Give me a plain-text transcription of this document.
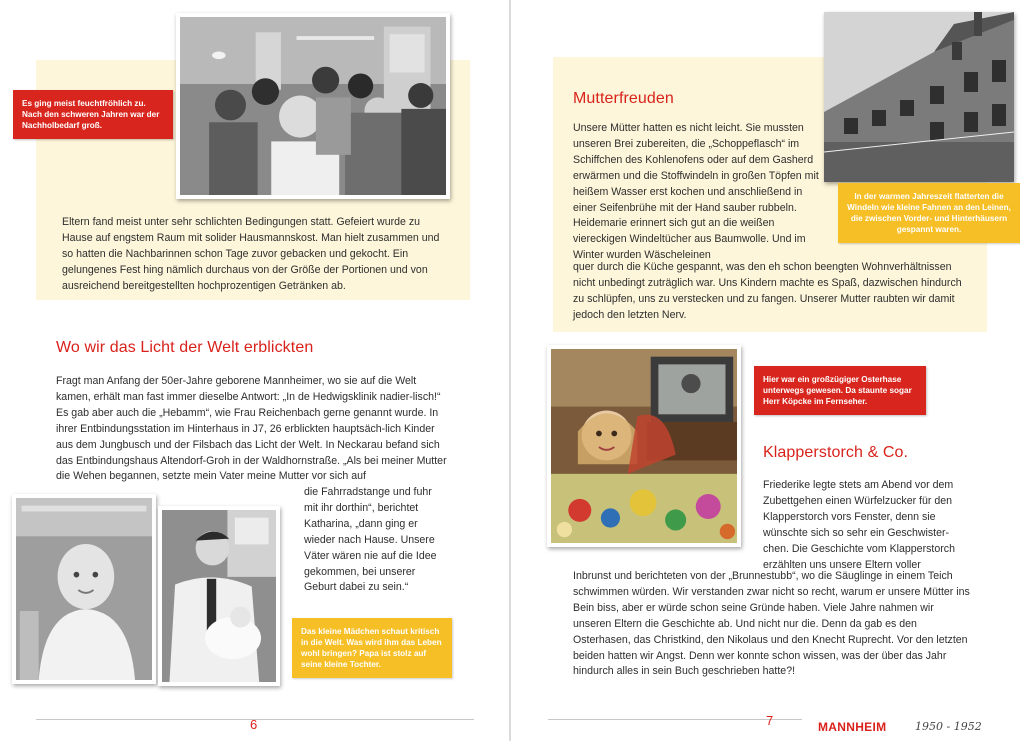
Es ging meist feuchtfröhlich zu. Nach den schweren Jahren war der Nachholbedarf groß.
Eltern fand meist unter sehr schlichten Bedingungen statt. Gefeiert wurde zu Hause auf engstem Raum mit solider Hausmannskost. Man hielt zusammen und so hatten die Nachbarinnen schon Tage zuvor gebacken und gekocht. Ein gelungenes Fest hing nämlich durchaus von der Größe der Portionen und von ausreichend bereitgestellten hochprozentigen Getränken ab.
Wo wir das Licht der Welt erblickten
Fragt man Anfang der 50er-Jahre geborene Mannheimer, wo sie auf die Welt kamen, erhält man fast immer dieselbe Antwort: „In de Hedwigsklinik nadier-lisch!“ Es gab aber auch die „Hebamm“, wie Frau Reichenbach gerne genannt wurde. In ihrer Entbindungsstation im Hinterhaus in J7, 26 erblickten hauptsäch-lich Kinder aus dem Jungbusch und der Filsbach das Licht der Welt. In Neckarau befand sich das Entbindungshaus Altendorf-Groh in der Waldhornstraße. „Als bei meiner Mutter die Wehen begannen, setzte mein Vater meine Mutter vor sich auf
die Fahrradstange und fuhr mit ihr dorthin“, berichtet Katharina, „dann ging er wieder nach Hause. Unsere Väter wären nie auf die Idee gekommen, bei unserer Geburt dabei zu sein.“
Das kleine Mädchen schaut kritisch in die Welt. Was wird ihm das Leben wohl bringen? Papa ist stolz auf seine kleine Tochter.
6
Mutterfreuden
In der warmen Jahreszeit flatterten die Windeln wie kleine Fahnen an den Leinen, die zwischen Vorder- und Hinterhäusern gespannt waren.
Unsere Mütter hatten es nicht leicht. Sie mussten unseren Brei zubereiten, die „Schoppeflasch“ im Schiffchen des Kohlenofens oder auf dem Gasherd erwärmen und die Stoffwindeln in großen Töpfen mit heißem Wasser erst kochen und anschließend in einer Seifenbrühe mit der Hand sauber rubbeln. Heidemarie erinnert sich gut an die weißen viereckigen Windeltücher aus Baumwolle. Und im Winter wurden Wäscheleinen
quer durch die Küche gespannt, was den eh schon beengten Wohnverhältnissen nicht unbedingt zuträglich war. Uns Kindern machte es Spaß, dazwischen hindurch zu schlüpfen, uns zu verstecken und zu fangen. Unserer Mutter raubten wir damit jedoch den letzten Nerv.
Hier war ein großzügiger Osterhase unterwegs gewesen. Da staunte sogar Herr Köpcke im Fernseher.
Klapperstorch & Co.
Friederike legte stets am Abend vor dem Zubettgehen einen Würfelzucker für den Klapperstorch vors Fenster, denn sie wünschte sich so sehr ein Geschwister-chen. Die Geschichte vom Klapperstorch erzählten uns unsere Eltern voller
Inbrunst und berichteten von der „Brunnestubb“, wo die Säuglinge in einem Teich schwimmen würden. Wir verstanden zwar nicht so recht, warum er unsere Mütter ins Bein biss, aber er würde schon seine Gründe haben. Viele Jahre nahmen wir unseren Eltern die Geschichte ab. Und nicht nur die. Denn da gab es den Osterhasen, das Christkind, den Nikolaus und den Knecht Ruprecht. Vor den letzten beiden hatten wir Angst. Denn wer konnte schon wissen, was der über das Jahr hindurch alles in sein Buch geschrieben hatte?!
7	MANNHEIM	1950 - 1952
